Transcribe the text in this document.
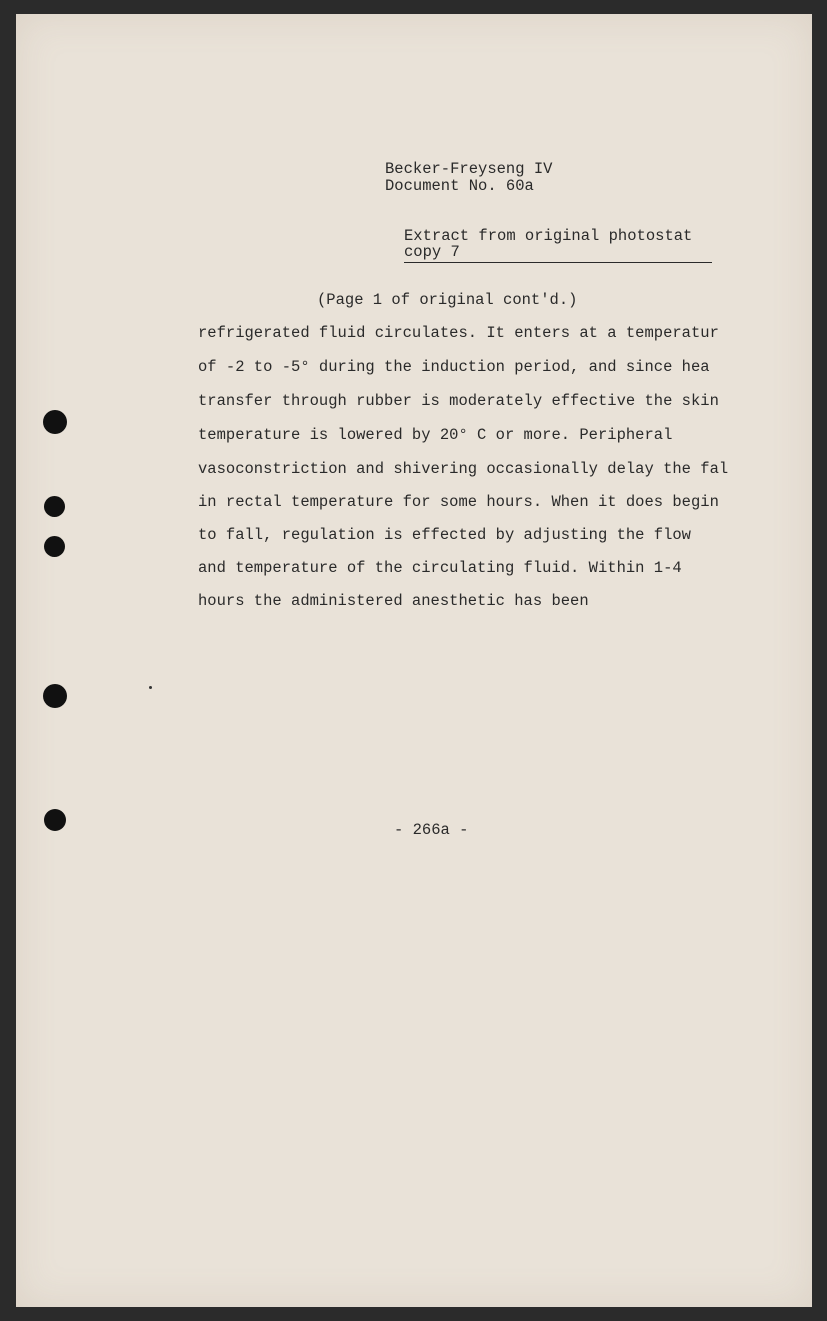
Becker-Freyseng IV
Document No. 60a
Extract from original photostat
copy 7
(Page 1 of original cont'd.)
refrigerated fluid circulates. It enters at a temperatur
of -2 to -5° during the induction period, and since hea
transfer through rubber is moderately effective the skin
temperature is lowered by 20° C or more. Peripheral
vasoconstriction and shivering occasionally delay the fal
in rectal temperature for some hours. When it does begin
to fall, regulation is effected by adjusting the flow
and temperature of the circulating fluid. Within 1-4
hours the administered anesthetic has been
- 266a -
